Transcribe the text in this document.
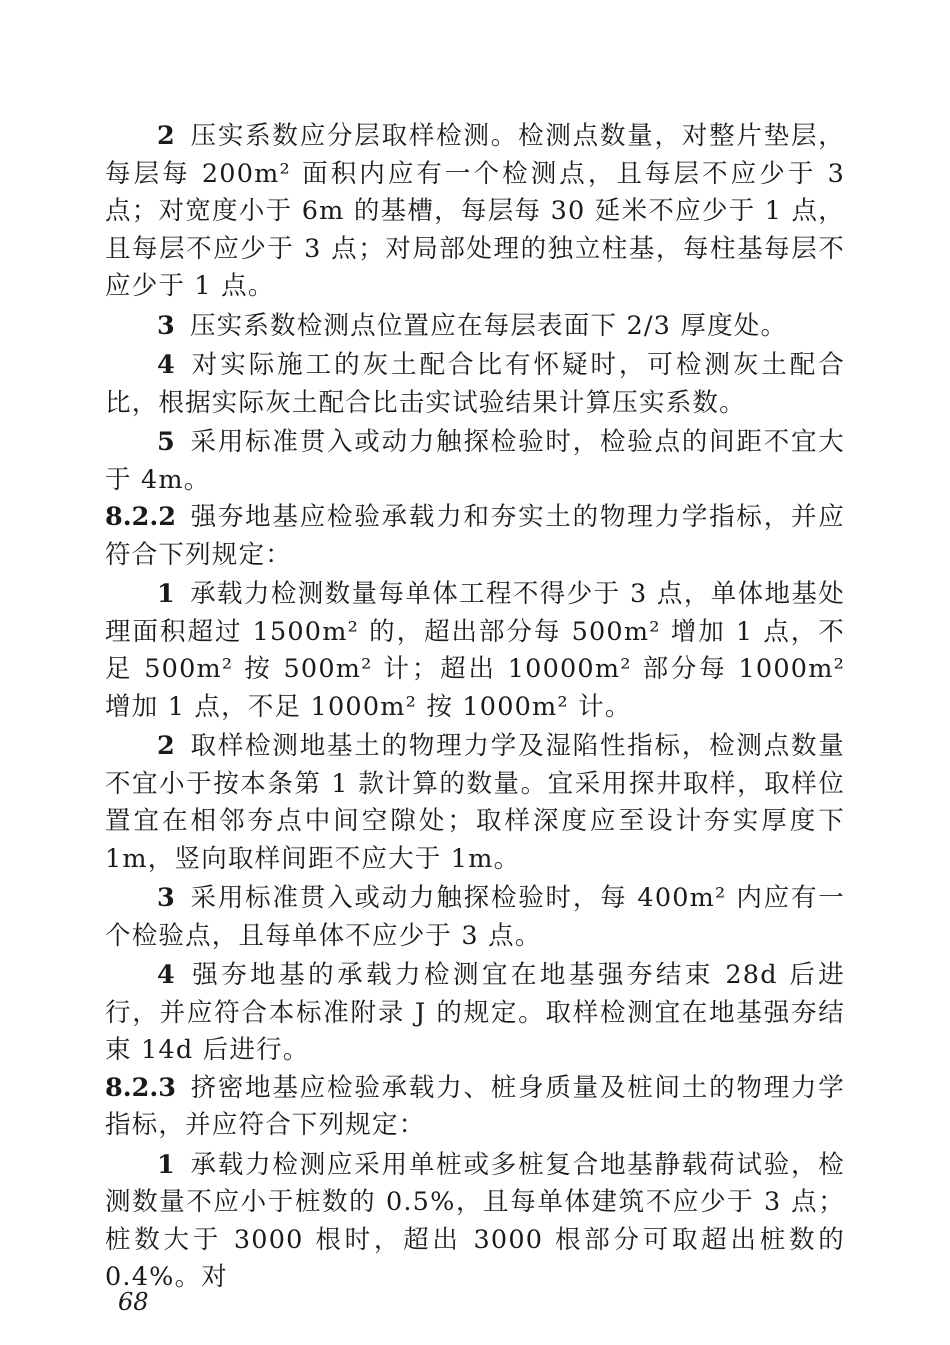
2 压实系数应分层取样检测。检测点数量，对整片垫层，每层每 200m² 面积内应有一个检测点，且每层不应少于 3 点；对宽度小于 6m 的基槽，每层每 30 延米不应少于 1 点，且每层不应少于 3 点；对局部处理的独立柱基，每柱基每层不应少于 1 点。

3 压实系数检测点位置应在每层表面下 2/3 厚度处。

4 对实际施工的灰土配合比有怀疑时，可检测灰土配合比，根据实际灰土配合比击实试验结果计算压实系数。

5 采用标准贯入或动力触探检验时，检验点的间距不宜大于 4m。

8.2.2 强夯地基应检验承载力和夯实土的物理力学指标，并应符合下列规定：

1 承载力检测数量每单体工程不得少于 3 点，单体地基处理面积超过 1500m² 的，超出部分每 500m² 增加 1 点，不足 500m² 按 500m² 计；超出 10000m² 部分每 1000m² 增加 1 点，不足 1000m² 按 1000m² 计。

2 取样检测地基土的物理力学及湿陷性指标，检测点数量不宜小于按本条第 1 款计算的数量。宜采用探井取样，取样位置宜在相邻夯点中间空隙处；取样深度应至设计夯实厚度下 1m，竖向取样间距不应大于 1m。

3 采用标准贯入或动力触探检验时，每 400m² 内应有一个检验点，且每单体不应少于 3 点。

4 强夯地基的承载力检测宜在地基强夯结束 28d 后进行，并应符合本标准附录 J 的规定。取样检测宜在地基强夯结束 14d 后进行。

8.2.3 挤密地基应检验承载力、桩身质量及桩间土的物理力学指标，并应符合下列规定：

1 承载力检测应采用单桩或多桩复合地基静载荷试验，检测数量不应小于桩数的 0.5%，且每单体建筑不应少于 3 点；桩数大于 3000 根时，超出 3000 根部分可取超出桩数的 0.4%。对

68
